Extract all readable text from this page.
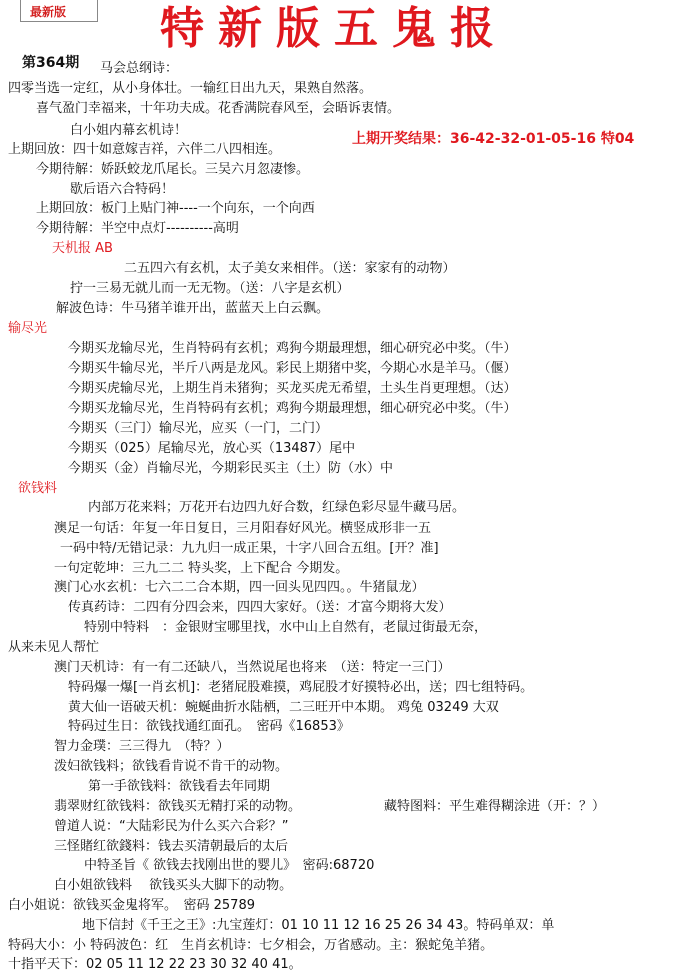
最新版 特新版五鬼报
第364期 马会总纲诗：
四零当选一定红，从小身体壮。一输红日出九天，果熟自然落。
喜气盈门幸福来，十年功夫成。花香满院春风至，会晤诉衷情。
白小姐内幕玄机诗！
上期开奖结果：36-42-32-01-05-16 特04
上期回放：四十如意嫁吉祥，六伴二八四相连。
今期待解：娇跃蛟龙爪尾长。三吴六月忽凄惨。
歇后语六合特码！
上期回放：板门上贴门神----一个向东，一个向西
今期待解：半空中点灯----------高明
天机报 AB
二五四六有玄机，太子美女来相伴。（送：家家有的动物）
拧一三易无就儿而一无无物。（送：八字是玄机）
解波色诗：牛马猪羊谁开出，蓝蓝天上白云飘。
输尽光
今期买龙输尽光，生肖特码有玄机；鸡狗今期最理想，细心研究必中奖。（牛）
今期买牛输尽光，半斤八两是龙风。彩民上期猪中奖，今期心水是羊马。（偃）
今期买虎输尽光，上期生肖未猪狗；买龙买虎无希望，土头生肖更理想。（达）
今期买龙输尽光，生肖特码有玄机；鸡狗今期最理想，细心研究必中奖。（牛）
今期买（三门）输尽光，应买（一门，二门）
今期买（025）尾输尽光，放心买（13487）尾中
今期买（金）肖输尽光，今期彩民买主（土）防（水）中
欲钱料
内部万花来料；万花开右边四九好合数，红绿色彩尽显牛藏马居。
澳足一句话：年复一年日复日，三月阳春好风光。横竖成形非一五
一码中特/无错记录：九九归一成正果，十字八回合五组。[开？准]
一句定乾坤：三九二二 特头奖，上下配合 今期发。
澳门心水玄机：七六二二合本期，四一回头见四四。。牛猪鼠龙）
传真药诗：二四有分四会来，四四大家好。（送：才富今期将大发）
特别中特料　：金银财宝哪里找，水中山上自然有，老鼠过街最无奈，
从来未见人帮忙
澳门天机诗：有一有二还缺八，当然说尾也将来　（送：特定一三门）
特码爆一爆[一肖玄机]：老猪屁股难摸，鸡屁股才好摸特必出，送；四七组特码。
黄大仙一语破天机：蜿蜒曲折水陆栖，二三旺开中本期。 鸡兔 03249 大双
特码过生日：欲钱找通红面孔。　密码《16853》
智力金璞：三三得九　（特？）
泼妇欲钱料；欲钱看肯说不肯干的动物。
第一手欲钱料：欲钱看去年同期
翡翠财红欲钱料：欲钱买无精打采的动物。	藏特图料：平生难得糊涂进（开：？）
曾道人说：“大陆彩民为什么买六合彩？”
三怪賭红欲錢料：钱去买清朝最后的太后
中特圣旨《 欲钱去找刚出世的婴儿》　密码:68720
白小姐欲钱料　 欲钱买头大脚下的动物。
白小姐说：欲钱买金鬼将军。　密码 25789
地下信封《千王之王》:九宝莲灯：01 10 11 12 16 25 26 34 43。特码单双：单
特码大小：小 特码波色：红　生肖玄机诗：七夕相会，万省感动。主：猴蛇兔羊猪。
十指平天下：02 05 11 12 22 23 30 32 40 41。
